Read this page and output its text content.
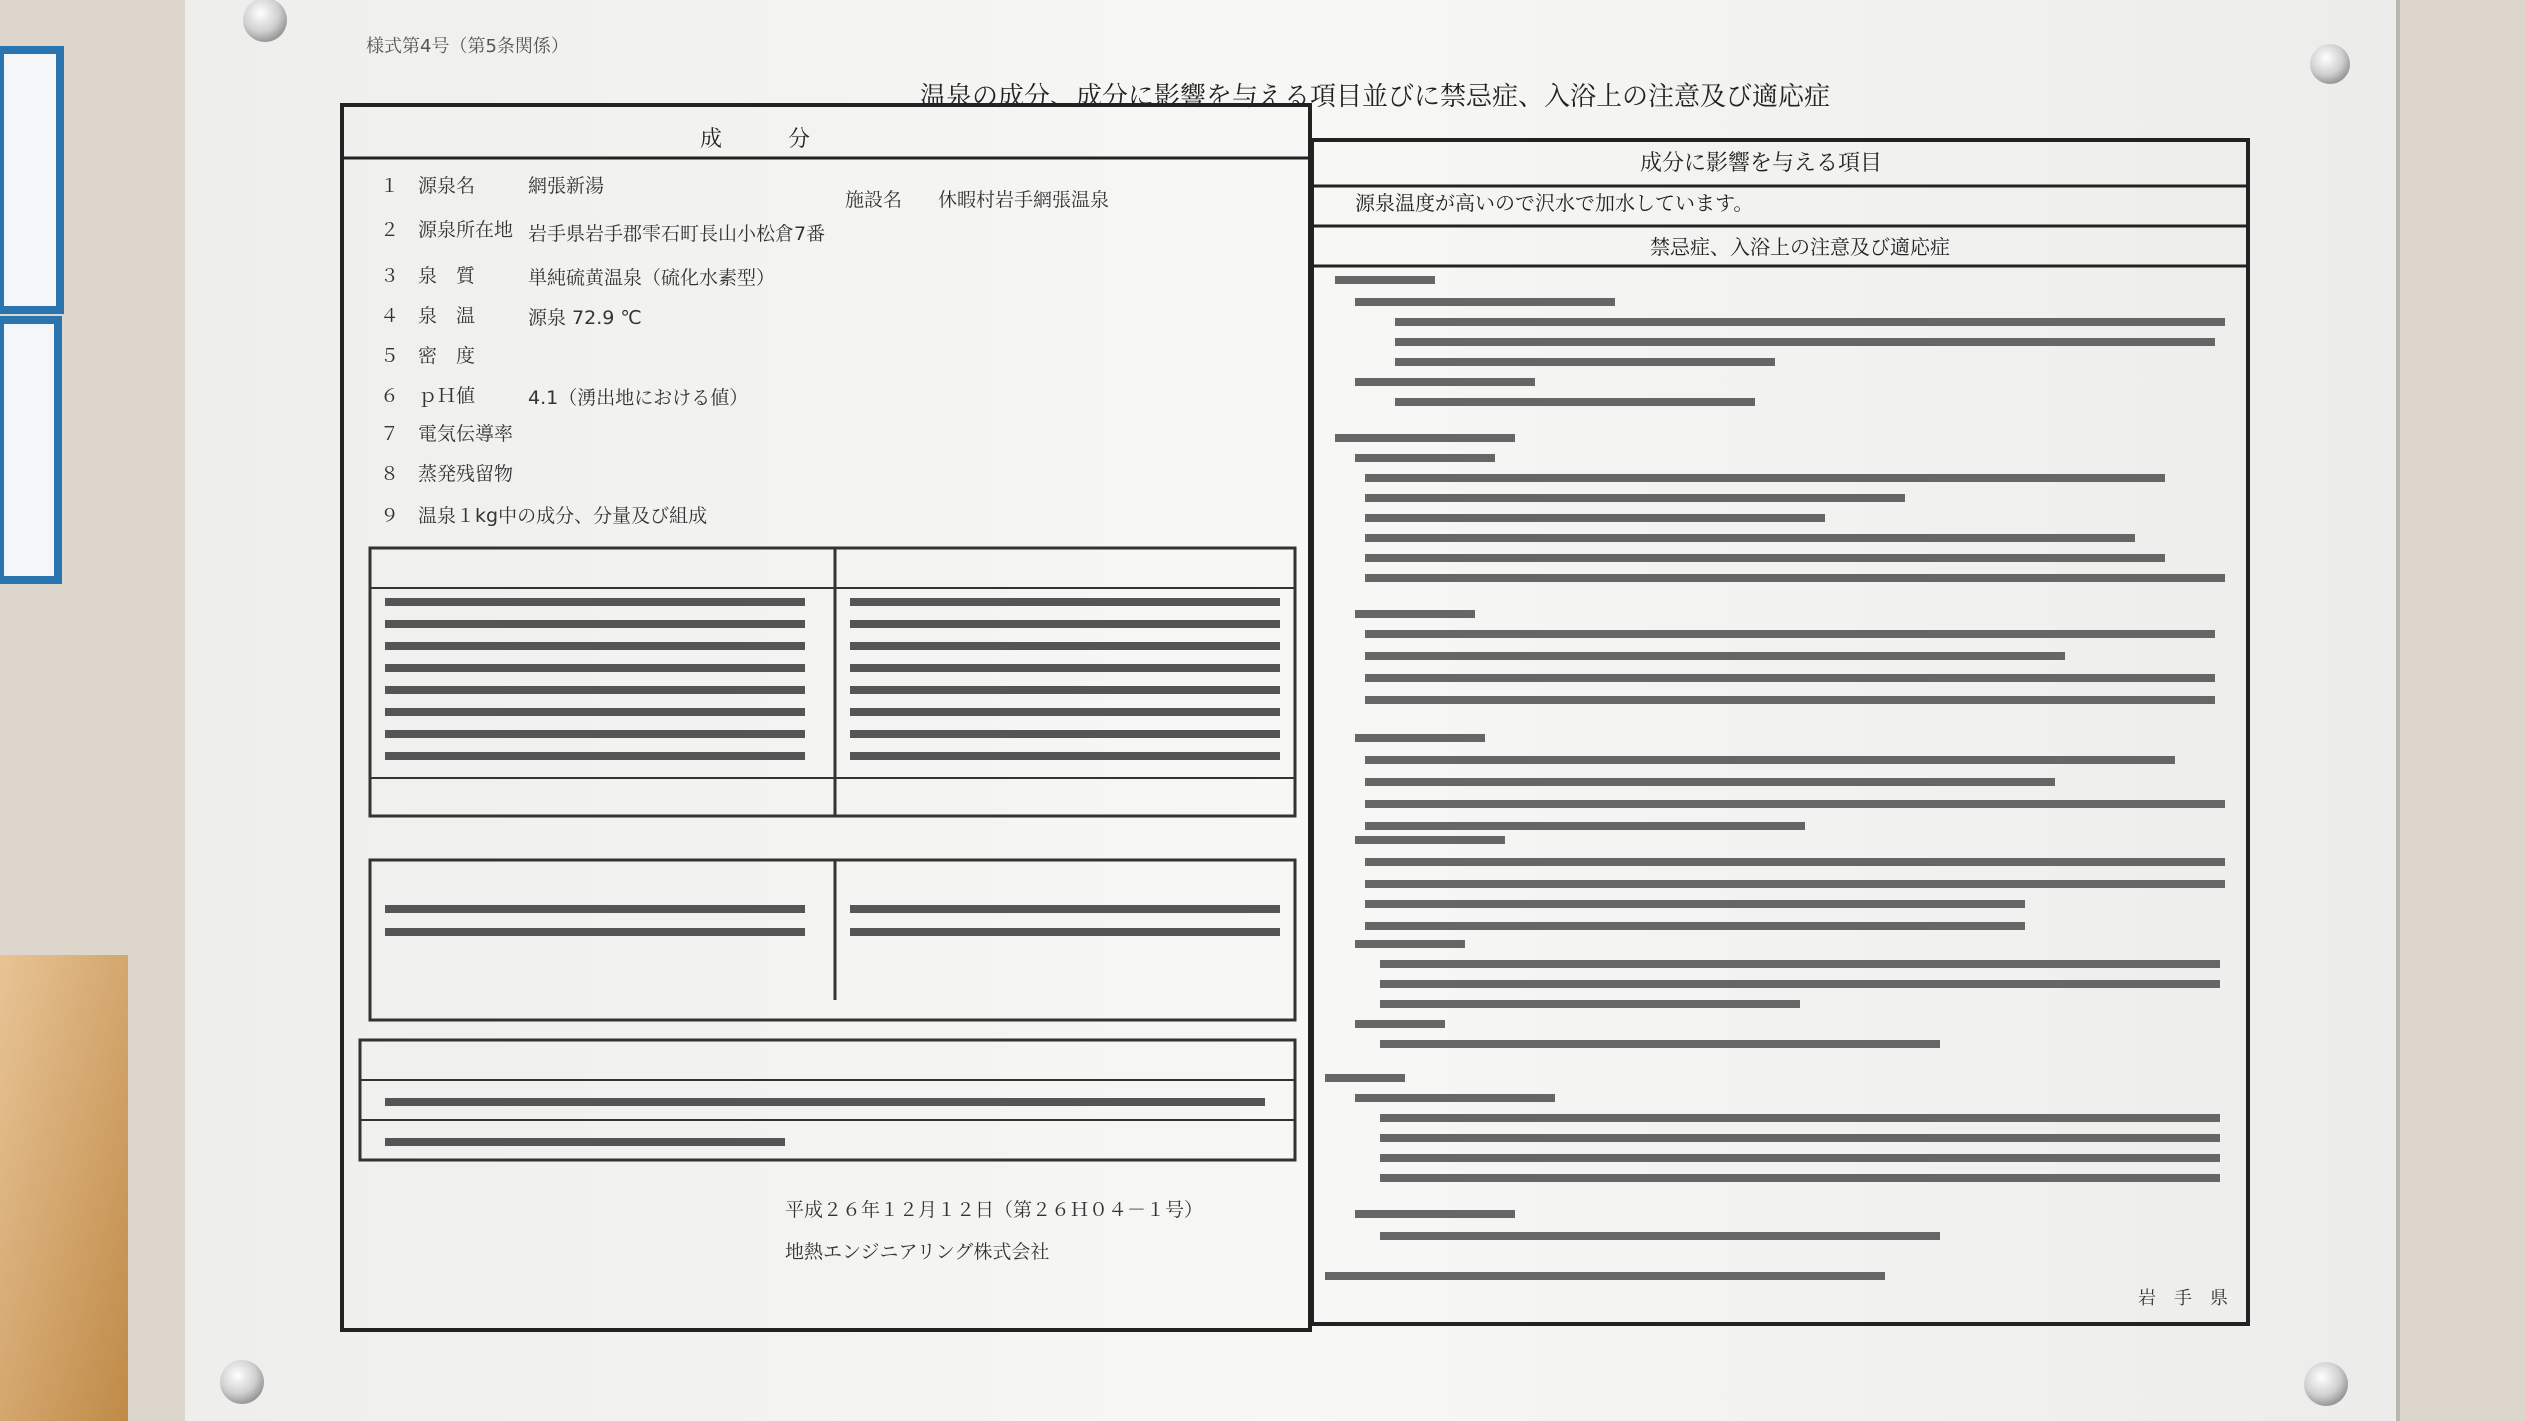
様式第4号（第5条関係）
温泉の成分、成分に影響を与える項目並びに禁忌症、入浴上の注意及び適応症
成　　　分
成分に影響を与える項目
源泉温度が高いので沢水で加水しています。
禁忌症、入浴上の注意及び適応症
１　源泉名	網張新湯
施設名 休暇村岩手網張温泉
２　源泉所在地 岩手県岩手郡雫石町長山小松倉7番
３　泉　質	単純硫黄温泉（硫化水素型）
４　泉　温	源泉 72.9 ℃
５　密　度
６　ｐＨ値	4.1（湧出地における値）
７　電気伝導率
８　蒸発残留物
９　温泉１kg中の成分、分量及び組成
平成２６年１２月１２日（第２６Ｈ０４－１号）
地熱エンジニアリング株式会社
岩　手　県
